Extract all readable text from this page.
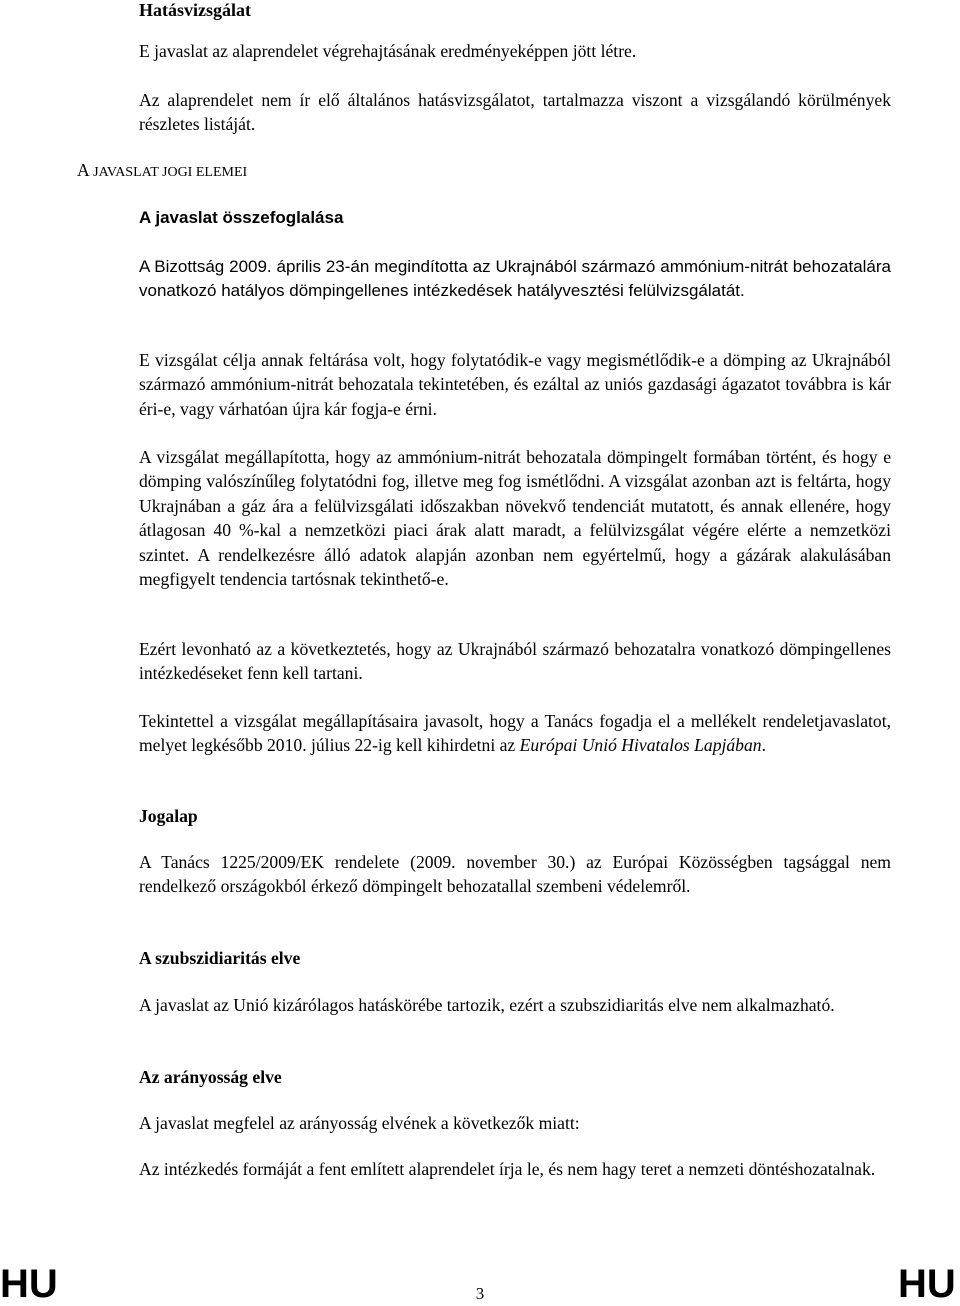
Hatásvizsgálat

E javaslat az alaprendelet végrehajtásának eredményeképpen jött létre.

Az alaprendelet nem ír elő általános hatásvizsgálatot, tartalmazza viszont a vizsgálandó körülmények részletes listáját.

A JAVASLAT JOGI ELEMEI

A javaslat összefoglalása

A Bizottság 2009. április 23-án megindította az Ukrajnából származó ammónium-nitrát behozatalára vonatkozó hatályos dömpingellenes intézkedések hatályvesztési felülvizsgálatát.

E vizsgálat célja annak feltárása volt, hogy folytatódik-e vagy megismétlődik-e a dömping az Ukrajnából származó ammónium-nitrát behozatala tekintetében, és ezáltal az uniós gazdasági ágazatot továbbra is kár éri-e, vagy várhatóan újra kár fogja-e érni.

A vizsgálat megállapította, hogy az ammónium-nitrát behozatala dömpingelt formában történt, és hogy e dömping valószínűleg folytatódni fog, illetve meg fog ismétlődni. A vizsgálat azonban azt is feltárta, hogy Ukrajnában a gáz ára a felülvizsgálati időszakban növekvő tendenciát mutatott, és annak ellenére, hogy átlagosan 40 %-kal a nemzetközi piaci árak alatt maradt, a felülvizsgálat végére elérte a nemzetközi szintet. A rendelkezésre álló adatok alapján azonban nem egyértelmű, hogy a gázárak alakulásában megfigyelt tendencia tartósnak tekinthető-e.

Ezért levonható az a következtetés, hogy az Ukrajnából származó behozatalra vonatkozó dömpingellenes intézkedéseket fenn kell tartani.

Tekintettel a vizsgálat megállapításaira javasolt, hogy a Tanács fogadja el a mellékelt rendeletjavaslatot, melyet legkésőbb 2010. július 22-ig kell kihirdetni az Európai Unió Hivatalos Lapjában.

Jogalap

A Tanács 1225/2009/EK rendelete (2009. november 30.) az Európai Közösségben tagsággal nem rendelkező országokból érkező dömpingelt behozatallal szembeni védelemről.

A szubszidiaritás elve

A javaslat az Unió kizárólagos hatáskörébe tartozik, ezért a szubszidiaritás elve nem alkalmazható.

Az arányosság elve

A javaslat megfelel az arányosság elvének a következők miatt:

Az intézkedés formáját a fent említett alaprendelet írja le, és nem hagy teret a nemzeti döntéshozatalnak.

HU	3	HU
